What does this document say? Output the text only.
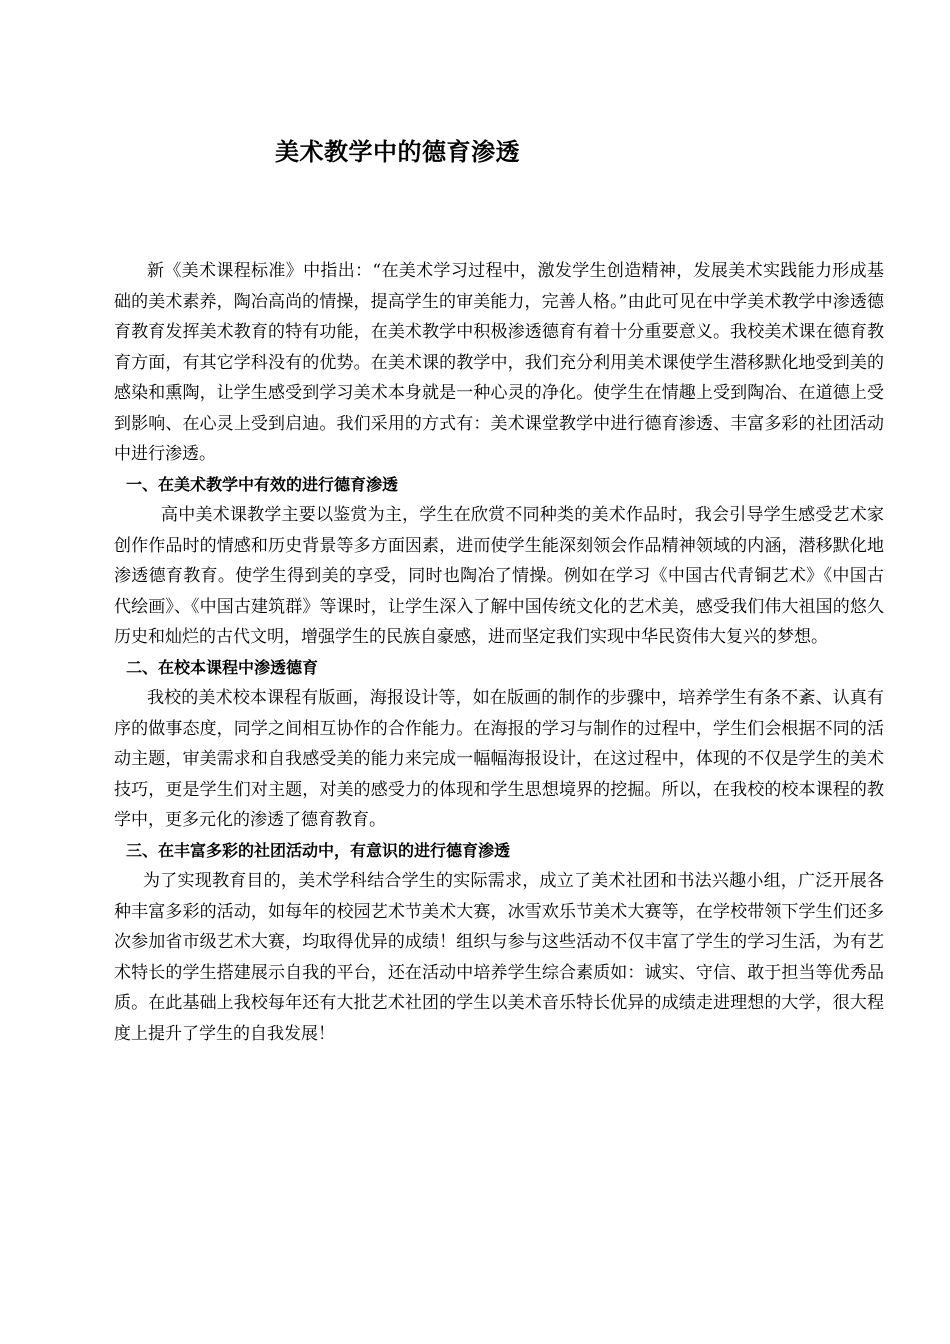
美术教学中的德育渗透

新《美术课程标准》中指出：“在美术学习过程中，激发学生创造精神，发展美术实践能力形成基础的美术素养，陶冶高尚的情操，提高学生的审美能力，完善人格。”由此可见在中学美术教学中渗透德育教育发挥美术教育的特有功能，在美术教学中积极渗透德育有着十分重要意义。我校美术课在德育教育方面，有其它学科没有的优势。在美术课的教学中，我们充分利用美术课使学生潜移默化地受到美的感染和熏陶，让学生感受到学习美术本身就是一种心灵的净化。使学生在情趣上受到陶冶、在道德上受到影响、在心灵上受到启迪。我们采用的方式有：美术课堂教学中进行德育渗透、丰富多彩的社团活动中进行渗透。

一、在美术教学中有效的进行德育渗透

高中美术课教学主要以鉴赏为主，学生在欣赏不同种类的美术作品时，我会引导学生感受艺术家创作作品时的情感和历史背景等多方面因素，进而使学生能深刻领会作品精神领域的内涵，潜移默化地渗透德育教育。使学生得到美的享受，同时也陶冶了情操。例如在学习《中国古代青铜艺术》《中国古代绘画》、《中国古建筑群》等课时，让学生深入了解中国传统文化的艺术美，感受我们伟大祖国的悠久历史和灿烂的古代文明，增强学生的民族自豪感，进而坚定我们实现中华民资伟大复兴的梦想。

二、在校本课程中渗透德育

我校的美术校本课程有版画，海报设计等，如在版画的制作的步骤中，培养学生有条不紊、认真有序的做事态度，同学之间相互协作的合作能力。在海报的学习与制作的过程中，学生们会根据不同的活动主题，审美需求和自我感受美的能力来完成一幅幅海报设计，在这过程中，体现的不仅是学生的美术技巧，更是学生们对主题，对美的感受力的体现和学生思想境界的挖掘。所以，在我校的校本课程的教学中，更多元化的渗透了德育教育。

三、在丰富多彩的社团活动中，有意识的进行德育渗透

为了实现教育目的，美术学科结合学生的实际需求，成立了美术社团和书法兴趣小组，广泛开展各种丰富多彩的活动，如每年的校园艺术节美术大赛，冰雪欢乐节美术大赛等，在学校带领下学生们还多次参加省市级艺术大赛，均取得优异的成绩！组织与参与这些活动不仅丰富了学生的学习生活，为有艺术特长的学生搭建展示自我的平台，还在活动中培养学生综合素质如：诚实、守信、敢于担当等优秀品质。在此基础上我校每年还有大批艺术社团的学生以美术音乐特长优异的成绩走进理想的大学，很大程度上提升了学生的自我发展！
